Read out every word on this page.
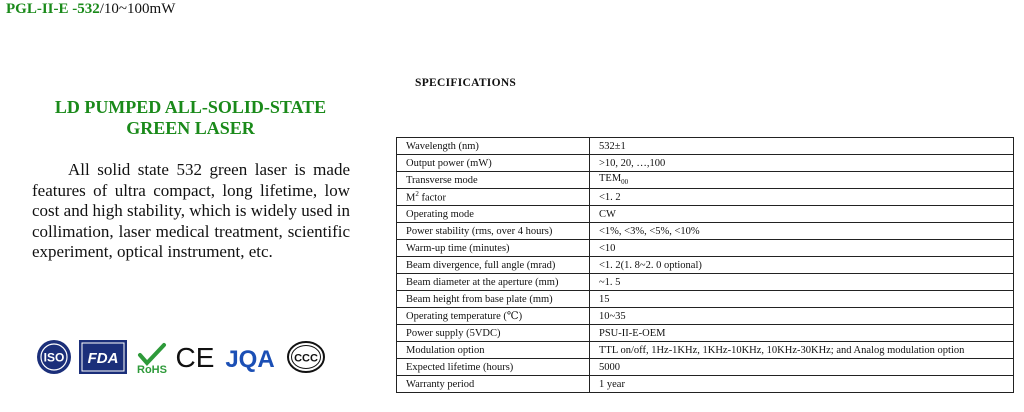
PGL-II-E -532/10~100mW
LD PUMPED ALL-SOLID-STATE
GREEN LASER
All solid state 532 green laser is made features of ultra compact, long lifetime, low cost and high stability, which is widely used in collimation, laser medical treatment, scientific experiment, optical instrument, etc.
ISO FDA
RoHS CE JQA CCC
SPECIFICATIONS
Wavelength (nm)	532±1
Output power (mW)	>10, 20, …,100
Transverse mode	$TEM_{00}$
$M^2$ factor	<1. 2
Operating mode	CW
Power stability (rms, over 4 hours)	<1%, <3%, <5%, <10%
Warm-up time (minutes)	<10
Beam divergence, full angle (mrad)	<1. 2(1. 8~2. 0 optional)
Beam diameter at the aperture (mm)	~1. 5
Beam height from base plate (mm)	15
Operating temperature (℃)	10~35
Power supply (5VDC)	PSU-II-E-OEM
Modulation option	TTL on/off, 1Hz-1KHz, 1KHz-10KHz, 10KHz-30KHz; and Analog modulation option
Expected lifetime (hours)	5000
Warranty period	1 year
